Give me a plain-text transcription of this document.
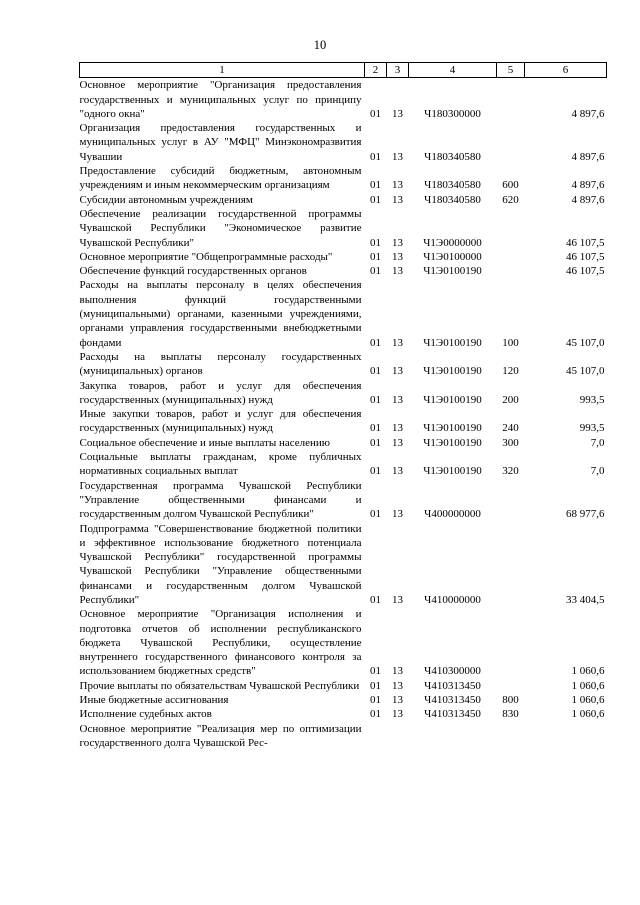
10
1	2	3	4	5	6
Основное мероприятие "Организация предоставления государственных и муниципальных услуг по принципу "одного окна"	01	13	Ч180300000		4 897,6
Организация предоставления государственных и муниципальных услуг в АУ "МФЦ" Минэкономразвития Чувашии	01	13	Ч180340580		4 897,6
Предоставление субсидий бюджетным, автономным учреждениям и иным некоммерческим организациям	01	13	Ч180340580	600	4 897,6
Субсидии автономным учреждениям	01	13	Ч180340580	620	4 897,6
Обеспечение реализации государственной программы Чувашской Республики "Экономическое развитие Чувашской Республики"	01	13	Ч1Э0000000		46 107,5
Основное мероприятие "Общепрограммные расходы"	01	13	Ч1Э0100000		46 107,5
Обеспечение функций государственных органов	01	13	Ч1Э0100190		46 107,5
Расходы на выплаты персоналу в целях обеспечения выполнения функций государственными (муниципальными) органами, казенными учреждениями, органами управления государственными внебюджетными фондами	01	13	Ч1Э0100190	100	45 107,0
Расходы на выплаты персоналу государственных (муниципальных) органов	01	13	Ч1Э0100190	120	45 107,0
Закупка товаров, работ и услуг для обеспечения государственных (муниципальных) нужд	01	13	Ч1Э0100190	200	993,5
Иные закупки товаров, работ и услуг для обеспечения государственных (муниципальных) нужд	01	13	Ч1Э0100190	240	993,5
Социальное обеспечение и иные выплаты населению	01	13	Ч1Э0100190	300	7,0
Социальные выплаты гражданам, кроме публичных нормативных социальных выплат	01	13	Ч1Э0100190	320	7,0
Государственная программа Чувашской Республики "Управление общественными финансами и государственным долгом Чувашской Республики"	01	13	Ч400000000		68 977,6
Подпрограмма "Совершенствование бюджетной политики и эффективное использование бюджетного потенциала Чувашской Республики" государственной программы Чувашской Республики "Управление общественными финансами и государственным долгом Чувашской Республики"	01	13	Ч410000000		33 404,5
Основное мероприятие "Организация исполнения и подготовка отчетов об исполнении республиканского бюджета Чувашской Республики, осуществление внутреннего государственного финансового контроля за использованием бюджетных средств"	01	13	Ч410300000		1 060,6
Прочие выплаты по обязательствам Чувашской Республики	01	13	Ч410313450		1 060,6
Иные бюджетные ассигнования	01	13	Ч410313450	800	1 060,6
Исполнение судебных актов	01	13	Ч410313450	830	1 060,6
Основное мероприятие "Реализация мер по оптимизации государственного долга Чувашской Рес-					
